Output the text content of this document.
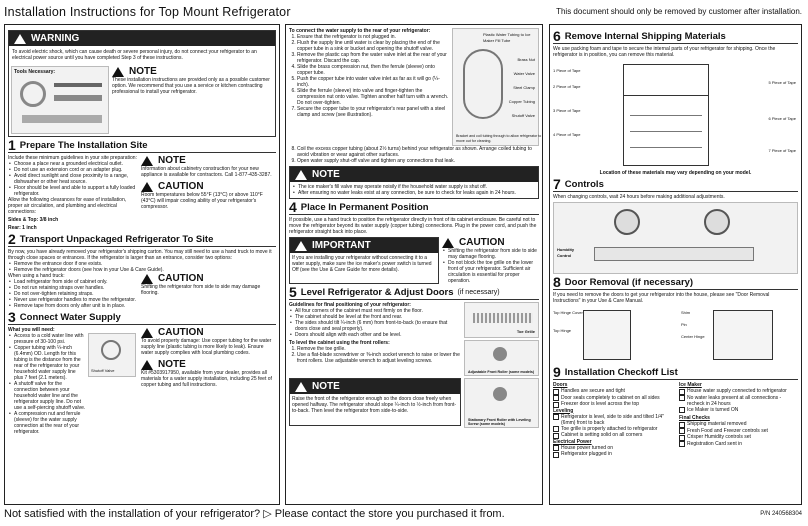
Installation Instructions for Top Mount Refrigerator	This document should only be removed by customer after installation.
WARNING
To avoid electric shock, which can cause death or severe personal injury, do not connect your refrigerator to an electrical power source until you have completed Step 3 of these instructions.
Tools Necessary:	NOTE
These installation instructions are provided only as a possible customer option. We recommend that you use a service or kitchen contracting professional to install your refrigerator.
1 Prepare The Installation Site
Include these minimum guidelines in your site preparation:
• Choose a place near a grounded electrical outlet.
• Do not use an extension cord or an adapter plug.
• Avoid direct sunlight and close proximity to a range, dishwasher or other heat source.
• Floor should be level and able to support a fully loaded refrigerator.
Allow the following clearances for ease of installation, proper air circulation, and plumbing and electrical connections:
Sides & Top: 3/8 inch
Rear: 1 inch
NOTE
Information about cabinetry construction for your new appliance is available for contractors. Call 1-877-435-3287.
CAUTION
Room temperatures below 55°F (13°C) or above 110°F (43°C) will impair cooling ability of your refrigerator's compressor.
2 Transport Unpackaged Refrigerator To Site
By now, you have already removed your refrigerator's shipping carton. You may still need to use a hand truck to move it through close spaces or entrances. If the refrigerator is larger than an entrance, consider two options:
• Remove the entrance door if one exists.
• Remove the refrigerator doors (see how in your Use & Care Guide).
When using a hand truck:
• Load refrigerator from side of cabinet only.
• Do not run retaining straps over handles.
• Do not over-tighten retaining straps.
• Never use refrigerator handles to move the refrigerator.
• Remove tape from doors only after unit is in place.
CAUTION
Shifting the refrigerator from side to side may damage flooring.
3 Connect Water Supply
What you will need:
• Access to a cold water line with pressure of 30-100 psi.
• Copper tubing with ¼-inch (6.4mm) OD. Length for this tubing is the distance from the rear of the refrigerator to your household water supply line plus 7 feet (2.1 meters).
• A shutoff valve for the connection between your household water line and the refrigerator supply line. Do not use a self-piercing shutoff valve.
• A compression nut and ferrule (sleeve) for the water supply connection at the rear of your refrigerator.
Shutoff Valve
CAUTION
To avoid property damage: Use copper tubing for the water supply line (plastic tubing is more likely to leak). Ensure water supply complies with local plumbing codes.
NOTE
Kit #5303917950, available from your dealer, provides all materials for a water supply installation, including 25 feet of copper tubing and full instructions.
To connect the water supply to the rear of your refrigerator:
1. Ensure that the refrigerator is not plugged in.
2. Flush the supply line until water is clear by placing the end of the copper tube in a sink or bucket and opening the shutoff valve.
3. Remove the plastic cap from the water valve inlet at the rear of your refrigerator. Discard the cap.
4. Slide the brass compression nut, then the ferrule (sleeve) onto copper tube.
5. Push the copper tube into water valve inlet as far as it will go (¼-inch).
6. Slide the ferrule (sleeve) into valve and finger-tighten the compression nut onto valve. Tighten another half turn with a wrench. Do not over-tighten.
7. Secure the copper tube to your refrigerator's rear panel with a steel clamp and screw (see illustration).
Plastic Water Tubing to Ice Maker Fill Tube
Brass Nut
Water Valve
Steel Clamp
Copper Tubing
Shutoff Valve
Bracket and coil tubing through to allow refrigerator to move out for cleaning.
8. Coil the excess copper tubing (about 2½ turns) behind your refrigerator as shown. Arrange coiled tubing to avoid vibration or wear against other surfaces.
9. Open water supply shut-off valve and tighten any connections that leak.
NOTE
• The ice maker's fill valve may operate noisily if the household water supply is shut off.
• After ensuring no water leaks exist at any connection, be sure to check for leaks again in 24 hours.
4 Place In Permanent Position
If possible, use a hand truck to position the refrigerator directly in front of its cabinet enclosure. Be careful not to move the refrigerator beyond its water supply (copper tubing) connections. Plug in the power cord, and push the refrigerator straight back into place.
IMPORTANT
If you are installing your refrigerator without connecting it to a water supply, make sure the ice maker's power switch is turned Off (see the Use & Care Guide for more details).
CAUTION
• Shifting the refrigerator from side to side may damage flooring.
• Do not block the toe grille on the lower front of your refrigerator. Sufficient air circulation is essential for proper operation.
5 Level Refrigerator & Adjust Doors (if necessary)
Guidelines for final positioning of your refrigerator:
• All four corners of the cabinet must rest firmly on the floor.
• The cabinet should be level at the front and rear.
• The sides should tilt ¼-inch (6 mm) from front-to-back (to ensure that doors close and seal properly).
• Doors should align with each other and be level.
To level the cabinet using the front rollers:
1. Remove the toe grille.
2. Use a flat-blade screwdriver or ⅜-inch socket wrench to raise or lower the front rollers. Use adjustable wrench to adjust leveling screws.
Toe Grille
Adjustable Front Roller (some models)
NOTE
Raise the front of the refrigerator enough so the doors close freely when opened halfway. The refrigerator should slope ¼-inch to ½-inch from front-to-back. Then level the refrigerator from side-to-side.
Stationary Front Roller with Leveling Screw (some models)
6 Remove Internal Shipping Materials
We use packing foam and tape to secure the internal parts of your refrigerator for shipping. Once the refrigerator is in position, you can remove this material.
1 Piece of Tape
2 Piece of Tape
3 Piece of Tape
4 Piece of Tape
5 Piece of Tape
6 Piece of Tape
7 Piece of Tape
Location of these materials may vary depending on your model.
7 Controls
When changing controls, wait 24 hours before making additional adjustments.
Humidity Control
8 Door Removal (if necessary)
If you need to remove the doors to get your refrigerator into the house, please see "Door Removal Instructions" in your Use & Care Manual.
Top Hinge Cover
Top Hinge
Shim
Pin
Center Hinge
9 Installation Checkoff List
Doors
Handles are secure and tight
Door seals completely to cabinet on all sides
Freezer door is level across the top
Leveling
Refrigerator is level, side to side and tilted 1/4" (6mm) front to back
Toe grille is properly attached to refrigerator
Cabinet is setting solid on all corners
Electrical Power
House power turned on
Refrigerator plugged in
Ice Maker
House water supply connected to refrigerator
No water leaks present at all connections - recheck in 24 hours
Ice Maker is turned ON
Final Checks
Shipping material removed
Fresh Food and Freezer controls set
Crisper Humidity controls set
Registration Card sent in
Not satisfied with the installation of your refrigerator? ▷ Please contact the store you purchased it from.	P/N 240568304
